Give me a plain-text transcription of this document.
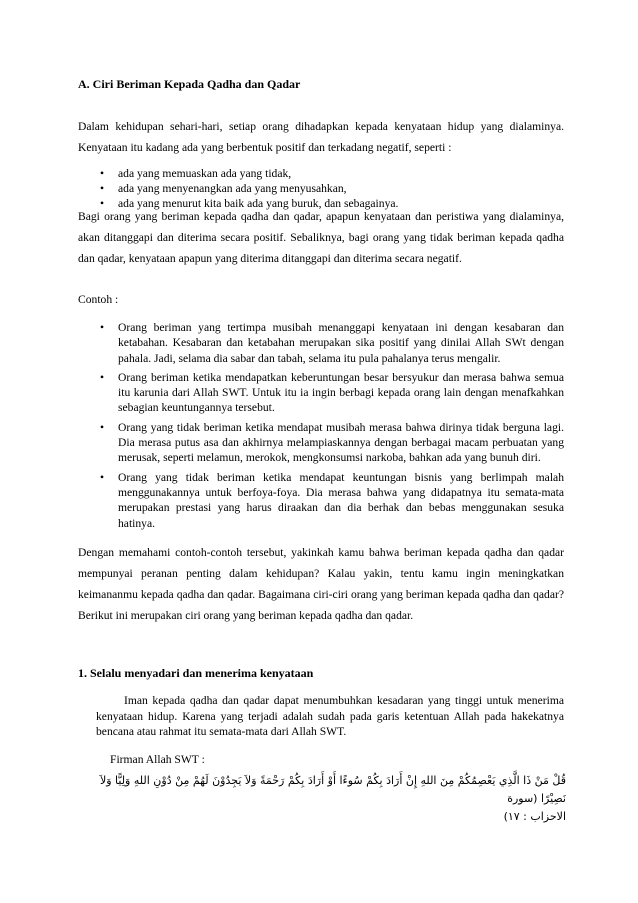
A. Ciri Beriman Kepada Qadha dan Qadar

Dalam kehidupan sehari-hari, setiap orang dihadapkan kepada kenyataan hidup yang dialaminya. Kenyataan itu kadang ada yang berbentuk positif dan terkadang negatif, seperti :

• ada yang memuaskan ada yang tidak,
• ada yang menyenangkan ada yang menyusahkan,
• ada yang menurut kita baik ada yang buruk, dan sebagainya.

Bagi orang yang beriman kepada qadha dan qadar, apapun kenyataan dan peristiwa yang dialaminya, akan ditanggapi dan diterima secara positif. Sebaliknya, bagi orang yang tidak beriman kepada qadha dan qadar, kenyataan apapun yang diterima ditanggapi dan diterima secara negatif.

Contoh :
• Orang beriman yang tertimpa musibah menanggapi kenyataan ini dengan kesabaran dan ketabahan. Kesabaran dan ketabahan merupakan sika positif yang dinilai Allah SWt dengan pahala. Jadi, selama dia sabar dan tabah, selama itu pula pahalanya terus mengalir.
• Orang beriman ketika mendapatkan keberuntungan besar bersyukur dan merasa bahwa semua itu karunia dari Allah SWT. Untuk itu ia ingin berbagi kepada orang lain dengan menafkahkan sebagian keuntungannya tersebut.
• Orang yang tidak beriman ketika mendapat musibah merasa bahwa dirinya tidak berguna lagi. Dia merasa putus asa dan akhirnya melampiaskannya dengan berbagai macam perbuatan yang merusak, seperti melamun, merokok, mengkonsumsi narkoba, bahkan ada yang bunuh diri.
• Orang yang tidak beriman ketika mendapat keuntungan bisnis yang berlimpah malah menggunakannya untuk berfoya-foya. Dia merasa bahwa yang didapatnya itu semata-mata merupakan prestasi yang harus diraakan dan dia berhak dan bebas menggunakan sesuka hatinya.

Dengan memahami contoh-contoh tersebut, yakinkah kamu bahwa beriman kepada qadha dan qadar mempunyai peranan penting dalam kehidupan? Kalau yakin, tentu kamu ingin meningkatkan keimananmu kepada qadha dan qadar. Bagaimana ciri-ciri orang yang beriman kepada qadha dan qadar? Berikut ini merupakan ciri orang yang beriman kepada qadha dan qadar.

1. Selalu menyadari dan menerima kenyataan

Iman kepada qadha dan qadar dapat menumbuhkan kesadaran yang tinggi untuk menerima kenyataan hidup. Karena yang terjadi adalah sudah pada garis ketentuan Allah pada hakekatnya bencana atau rahmat itu semata-mata dari Allah SWT.

Firman Allah SWT :
قُلْ مَنْ ذَا الَّذِي يَعْصِمُكُمْ مِنَ اللهِ إِنْ أَرَادَ بِكُمْ سُوءًا أَوْ أَرَادَ بِكُمْ رَحْمَةً وَلاَ يَجِدُوْنَ لَهُمْ مِنْ دُوْنِ اللهِ وَلِيًّا وَلاَ نَصِيْرًا (سورة
الاحزاب : ١٧)
